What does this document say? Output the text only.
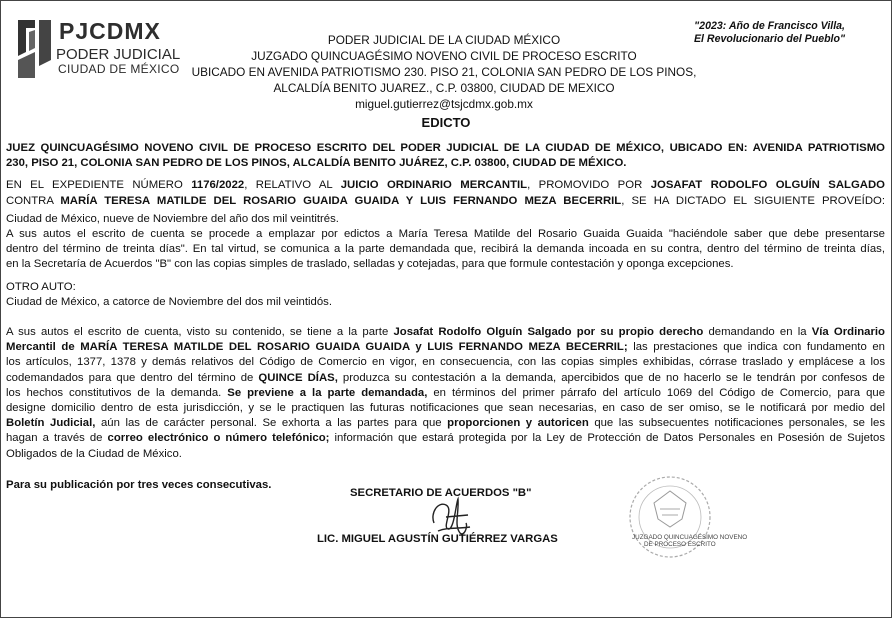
PJCDMX
PODER JUDICIAL
CIUDAD DE MÉXICO
PODER JUDICIAL DE LA CIUDAD MÉXICO
JUZGADO QUINCUAGÉSIMO NOVENO CIVIL DE PROCESO ESCRITO
UBICADO EN AVENIDA PATRIOTISMO 230. PISO 21, COLONIA SAN PEDRO DE LOS PINOS,
ALCALDÍA BENITO JUAREZ., C.P. 03800, CIUDAD DE MEXICO
miguel.gutierrez@tsjcdmx.gob.mx
"2023: Año de Francisco Villa,
El Revolucionario del Pueblo"
EDICTO

JUEZ QUINCUAGÉSIMO NOVENO CIVIL DE PROCESO ESCRITO DEL PODER JUDICIAL DE LA CIUDAD DE MÉXICO, UBICADO EN: AVENIDA PATRIOTISMO

230, PISO 21, COLONIA SAN PEDRO DE LOS PINOS, ALCALDÍA BENITO JUÁREZ, C.P. 03800, CIUDAD DE MÉXICO.

EN EL EXPEDIENTE NÚMERO 1176/2022, RELATIVO AL JUICIO ORDINARIO MERCANTIL, PROMOVIDO POR JOSAFAT RODOLFO OLGUÍN SALGADO

CONTRA MARÍA TERESA MATILDE DEL ROSARIO GUAIDA GUAIDA Y LUIS FERNANDO MEZA BECERRIL, SE HA DICTADO EL SIGUIENTE PROVEÍDO:

Ciudad de México, nueve de Noviembre del año dos mil veintitrés.

A sus autos el escrito de cuenta se procede a emplazar por edictos a María Teresa Matilde del Rosario Guaida Guaida "haciéndole saber que debe presentarse

dentro del término de treinta días". En tal virtud, se comunica a la parte demandada que, recibirá la demanda incoada en su contra, dentro del término de treinta días,

en la Secretaría de Acuerdos "B" con las copias simples de traslado, selladas y cotejadas, para que formule contestación y oponga excepciones.

OTRO AUTO:

Ciudad de México, a catorce de Noviembre del dos mil veintidós.

A sus autos el escrito de cuenta, visto su contenido, se tiene a la parte Josafat Rodolfo Olguín Salgado por su propio derecho demandando en la Vía Ordinario

Mercantil de MARÍA TERESA MATILDE DEL ROSARIO GUAIDA GUAIDA y LUIS FERNANDO MEZA BECERRIL; las prestaciones que indica con fundamento en

los artículos, 1377, 1378 y demás relativos del Código de Comercio en vigor, en consecuencia, con las copias simples exhibidas, córrase traslado y emplácese a los

codemandados para que dentro del término de QUINCE DÍAS, produzca su contestación a la demanda, apercibidos que de no hacerlo se le tendrán por confesos de

los hechos constitutivos de la demanda. Se previene a la parte demandada, en términos del primer párrafo del artículo 1069 del Código de Comercio, para que

designe domicilio dentro de esta jurisdicción, y se le practiquen las futuras notificaciones que sean necesarias, en caso de ser omiso, se le notificará por medio del

Boletín Judicial, aún las de carácter personal. Se exhorta a las partes para que proporcionen y autoricen que las subsecuentes notificaciones personales, se les

hagan a través de correo electrónico o número telefónico; información que estará protegida por la Ley de Protección de Datos Personales en Posesión de Sujetos

Obligados de la Ciudad de México.

Para su publicación por tres veces consecutivas.

SECRETARIO DE ACUERDOS "B"
LIC. MIGUEL AGUSTÍN GUTIÉRREZ VARGAS	JUZGADO QUINCUAGÉSIMO NOVENO
DE PROCESO ESCRITO
